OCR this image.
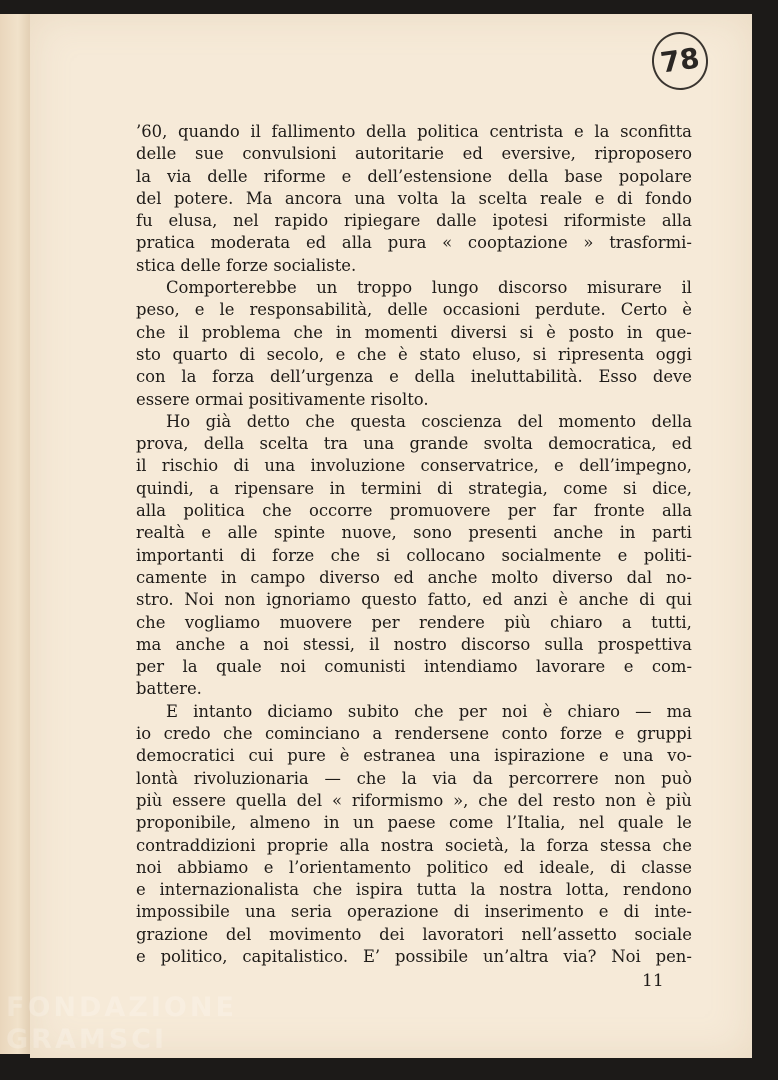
78
’60, quando il fallimento della politica centrista e la sconfitta
delle sue convulsioni autoritarie ed eversive, riproposero
la via delle riforme e dell’estensione della base popolare
del potere. Ma ancora una volta la scelta reale e di fondo
fu elusa, nel rapido ripiegare dalle ipotesi riformiste alla
pratica moderata ed alla pura « cooptazione » trasformi-
stica delle forze socialiste.
Comporterebbe un troppo lungo discorso misurare il
peso, e le responsabilità, delle occasioni perdute. Certo è
che il problema che in momenti diversi si è posto in que-
sto quarto di secolo, e che è stato eluso, si ripresenta oggi
con la forza dell’urgenza e della ineluttabilità. Esso deve
essere ormai positivamente risolto.
Ho già detto che questa coscienza del momento della
prova, della scelta tra una grande svolta democratica, ed
il rischio di una involuzione conservatrice, e dell’impegno,
quindi, a ripensare in termini di strategia, come si dice,
alla politica che occorre promuovere per far fronte alla
realtà e alle spinte nuove, sono presenti anche in parti
importanti di forze che si collocano socialmente e politi-
camente in campo diverso ed anche molto diverso dal no-
stro. Noi non ignoriamo questo fatto, ed anzi è anche di qui
che vogliamo muovere per rendere più chiaro a tutti,
ma anche a noi stessi, il nostro discorso sulla prospettiva
per la quale noi comunisti intendiamo lavorare e com-
battere.
E intanto diciamo subito che per noi è chiaro — ma
io credo che cominciano a rendersene conto forze e gruppi
democratici cui pure è estranea una ispirazione e una vo-
lontà rivoluzionaria — che la via da percorrere non può
più essere quella del « riformismo », che del resto non è più
proponibile, almeno in un paese come l’Italia, nel quale le
contraddizioni proprie alla nostra società, la forza stessa che
noi abbiamo e l’orientamento politico ed ideale, di classe
e internazionalista che ispira tutta la nostra lotta, rendono
impossibile una seria operazione di inserimento e di inte-
grazione del movimento dei lavoratori nell’assetto sociale
e politico, capitalistico. E’ possibile un’altra via? Noi pen-
11
FONDAZIONE
GRAMSCI
